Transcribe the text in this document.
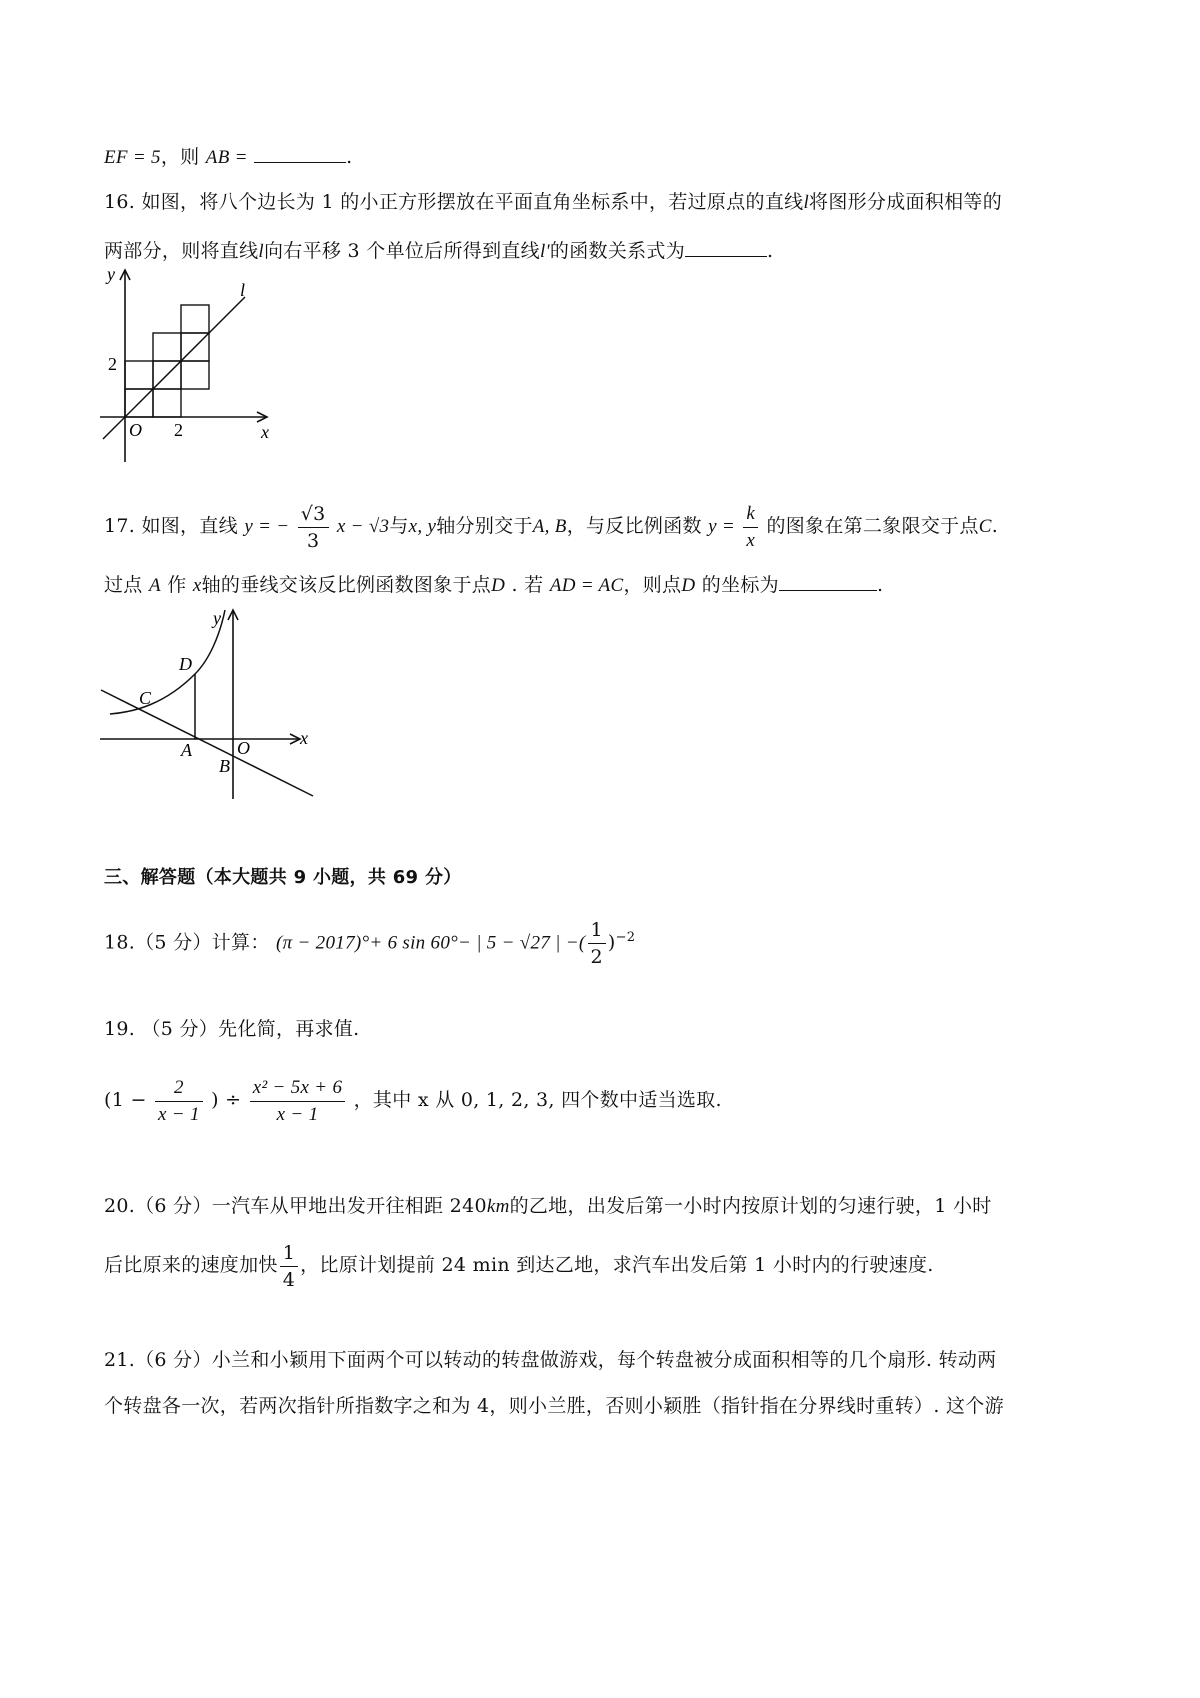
EF = 5，则 AB =	.
16. 如图，将八个边长为 1 的小正方形摆放在平面直角坐标系中，若过原点的直线l将图形分成面积相等的
两部分，则将直线l向右平移 3 个单位后所得到直线l'的函数关系式为	.
y
x
l
O
2
2
17. 如图，直线 y = − $\frac{√3}{3}$ x − √3与x, y轴分别交于A, B，与反比例函数 $y = \frac{k}{x}$ 的图象在第二象限交于点C.
过点 A 作 x轴的垂线交该反比例函数图象于点D . 若 AD = AC，则点D 的坐标为	.
y
x
C
D
A	O
B
三、解答题（本大题共 9 小题，共 69 分）
18.（5 分）计算： (π − 2017)°+ 6 sin 60°− | 5 − √27 | −( $\frac{1}{2} )^{-2}$
19. （5 分）先化简，再求值.
($1 - \frac{2}{x - 1}$ ) ÷ $\frac{\text{x² − 5x + 6}}{x - 1}$ ，其中 x 从 0, 1, 2, 3, 四个数中适当选取.
20.（6 分）一汽车从甲地出发开往相距 240km的乙地，出发后第一小时内按原计划的匀速行驶，1 小时
后比原来的速度加快 $\frac{1}{4}$ ，比原计划提前 24 min 到达乙地，求汽车出发后第 1 小时内的行驶速度.
21.（6 分）小兰和小颖用下面两个可以转动的转盘做游戏，每个转盘被分成面积相等的几个扇形. 转动两
个转盘各一次，若两次指针所指数字之和为 4，则小兰胜，否则小颖胜（指针指在分界线时重转）. 这个游
